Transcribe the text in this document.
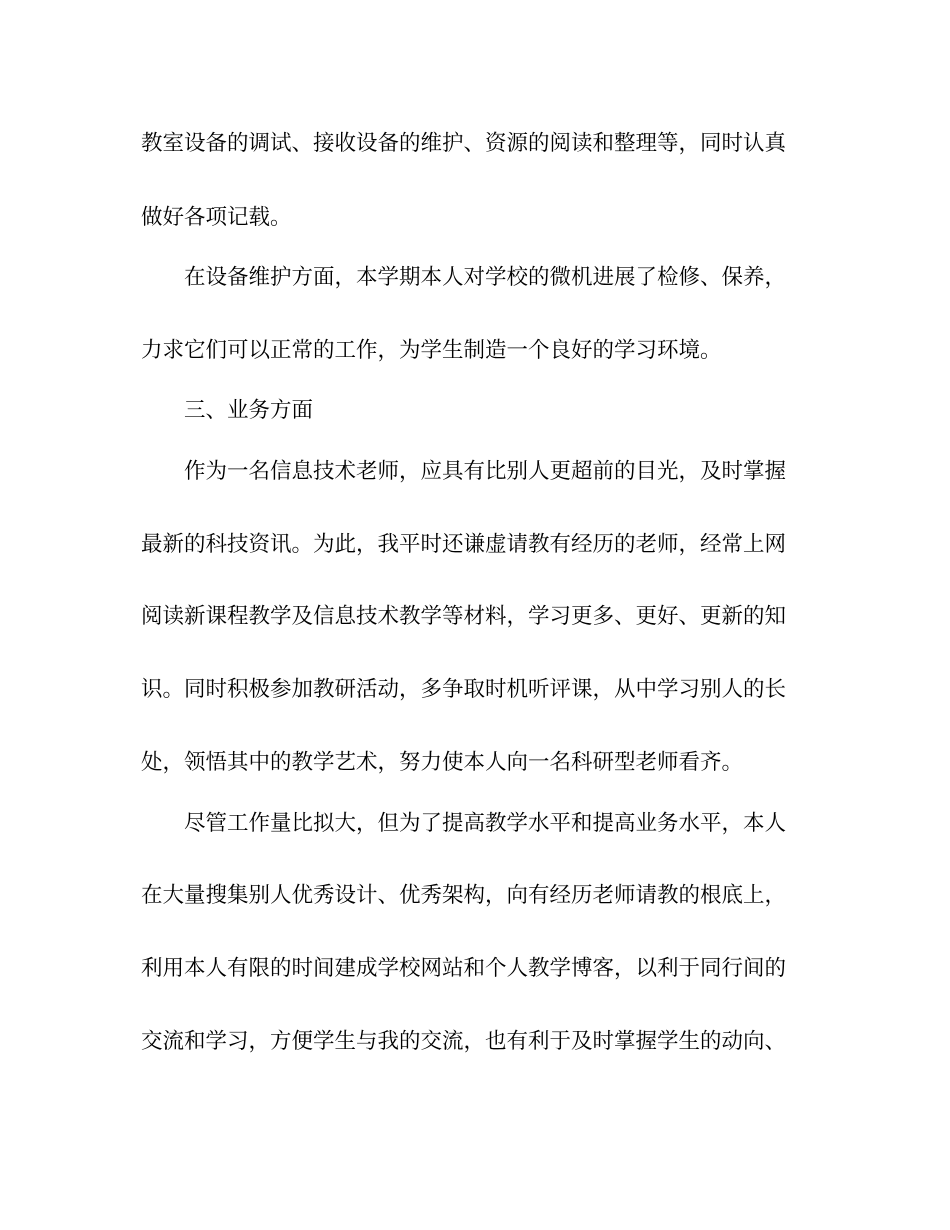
教室设备的调试、接收设备的维护、资源的阅读和整理等，同时认真
做好各项记载。
在设备维护方面，本学期本人对学校的微机进展了检修、保养，
力求它们可以正常的工作，为学生制造一个良好的学习环境。
三、业务方面
作为一名信息技术老师，应具有比别人更超前的目光，及时掌握
最新的科技资讯。为此，我平时还谦虚请教有经历的老师，经常上网
阅读新课程教学及信息技术教学等材料，学习更多、更好、更新的知
识。同时积极参加教研活动，多争取时机听评课，从中学习别人的长
处，领悟其中的教学艺术，努力使本人向一名科研型老师看齐。
尽管工作量比拟大，但为了提高教学水平和提高业务水平，本人
在大量搜集别人优秀设计、优秀架构，向有经历老师请教的根底上，
利用本人有限的时间建成学校网站和个人教学博客，以利于同行间的
交流和学习，方便学生与我的交流，也有利于及时掌握学生的动向、
